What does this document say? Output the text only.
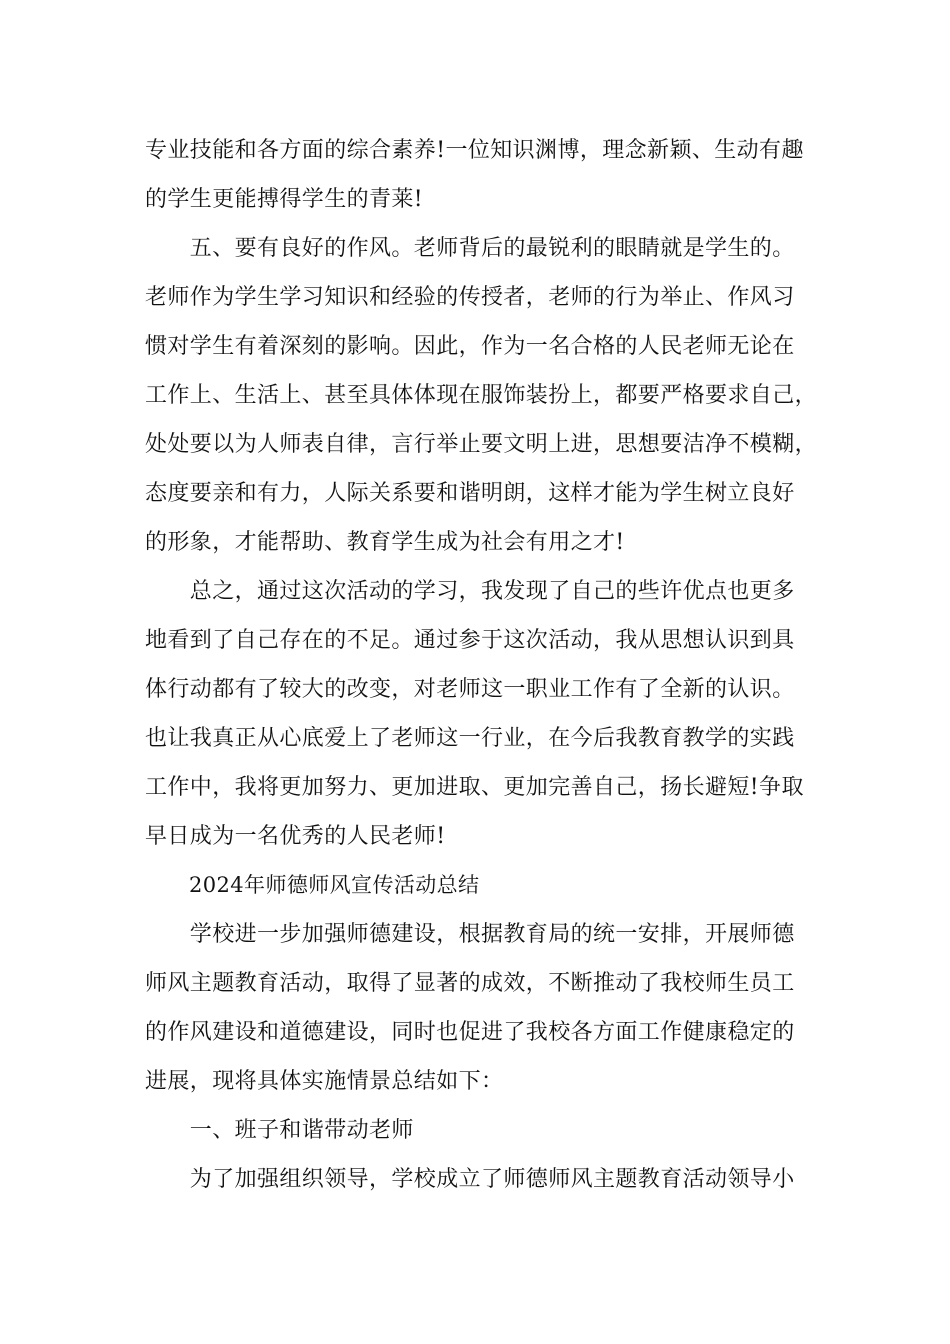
专业技能和各方面的综合素养!一位知识渊博，理念新颖、生动有趣
的学生更能搏得学生的青莱!
　　五、要有良好的作风。老师背后的最锐利的眼睛就是学生的。
老师作为学生学习知识和经验的传授者，老师的行为举止、作风习
惯对学生有着深刻的影响。因此，作为一名合格的人民老师无论在
工作上、生活上、甚至具体体现在服饰装扮上，都要严格要求自己，
处处要以为人师表自律，言行举止要文明上进，思想要洁净不模糊，
态度要亲和有力，人际关系要和谐明朗，这样才能为学生树立良好
的形象，才能帮助、教育学生成为社会有用之才!
　　总之，通过这次活动的学习，我发现了自己的些许优点也更多
地看到了自己存在的不足。通过参于这次活动，我从思想认识到具
体行动都有了较大的改变，对老师这一职业工作有了全新的认识。
也让我真正从心底爱上了老师这一行业，在今后我教育教学的实践
工作中，我将更加努力、更加进取、更加完善自己，扬长避短!争取
早日成为一名优秀的人民老师!
2024年师德师风宣传活动总结
　　学校进一步加强师德建设，根据教育局的统一安排，开展师德
师风主题教育活动，取得了显著的成效，不断推动了我校师生员工
的作风建设和道德建设，同时也促进了我校各方面工作健康稳定的
进展，现将具体实施情景总结如下：
　　一、班子和谐带动老师
　　为了加强组织领导，学校成立了师德师风主题教育活动领导小
